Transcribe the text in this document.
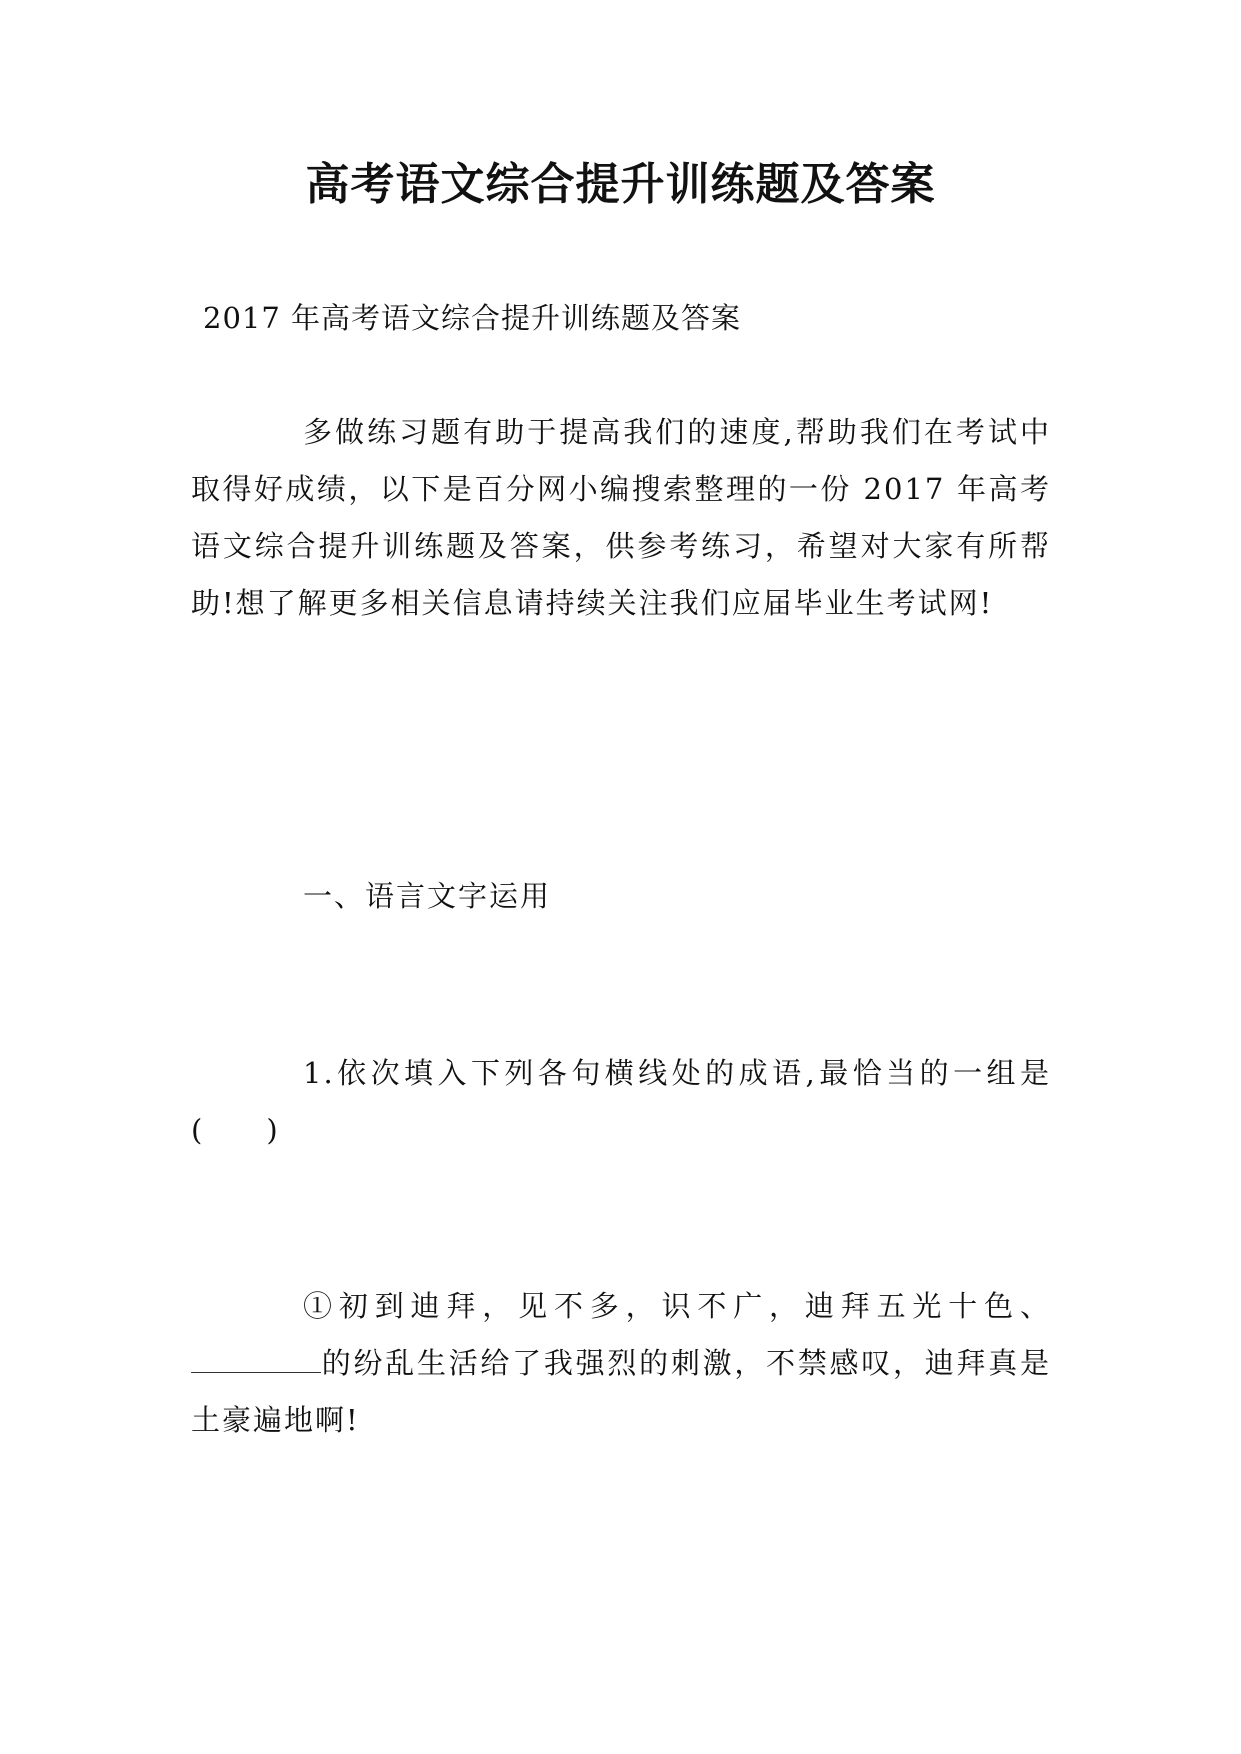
高考语文综合提升训练题及答案
2017 年高考语文综合提升训练题及答案

多做练习题有助于提高我们的速度,帮助我们在考试中取得好成绩，以下是百分网小编搜索整理的一份 2017 年高考语文综合提升训练题及答案，供参考练习，希望对大家有所帮助!想了解更多相关信息请持续关注我们应届毕业生考试网!

一、语言文字运用

1.依次填入下列各句横线处的成语,最恰当的一组是(　　)

①初到迪拜，见不多，识不广，迪拜五光十色、的纷乱生活给了我强烈的刺激，不禁感叹，迪拜真是土豪遍地啊!
